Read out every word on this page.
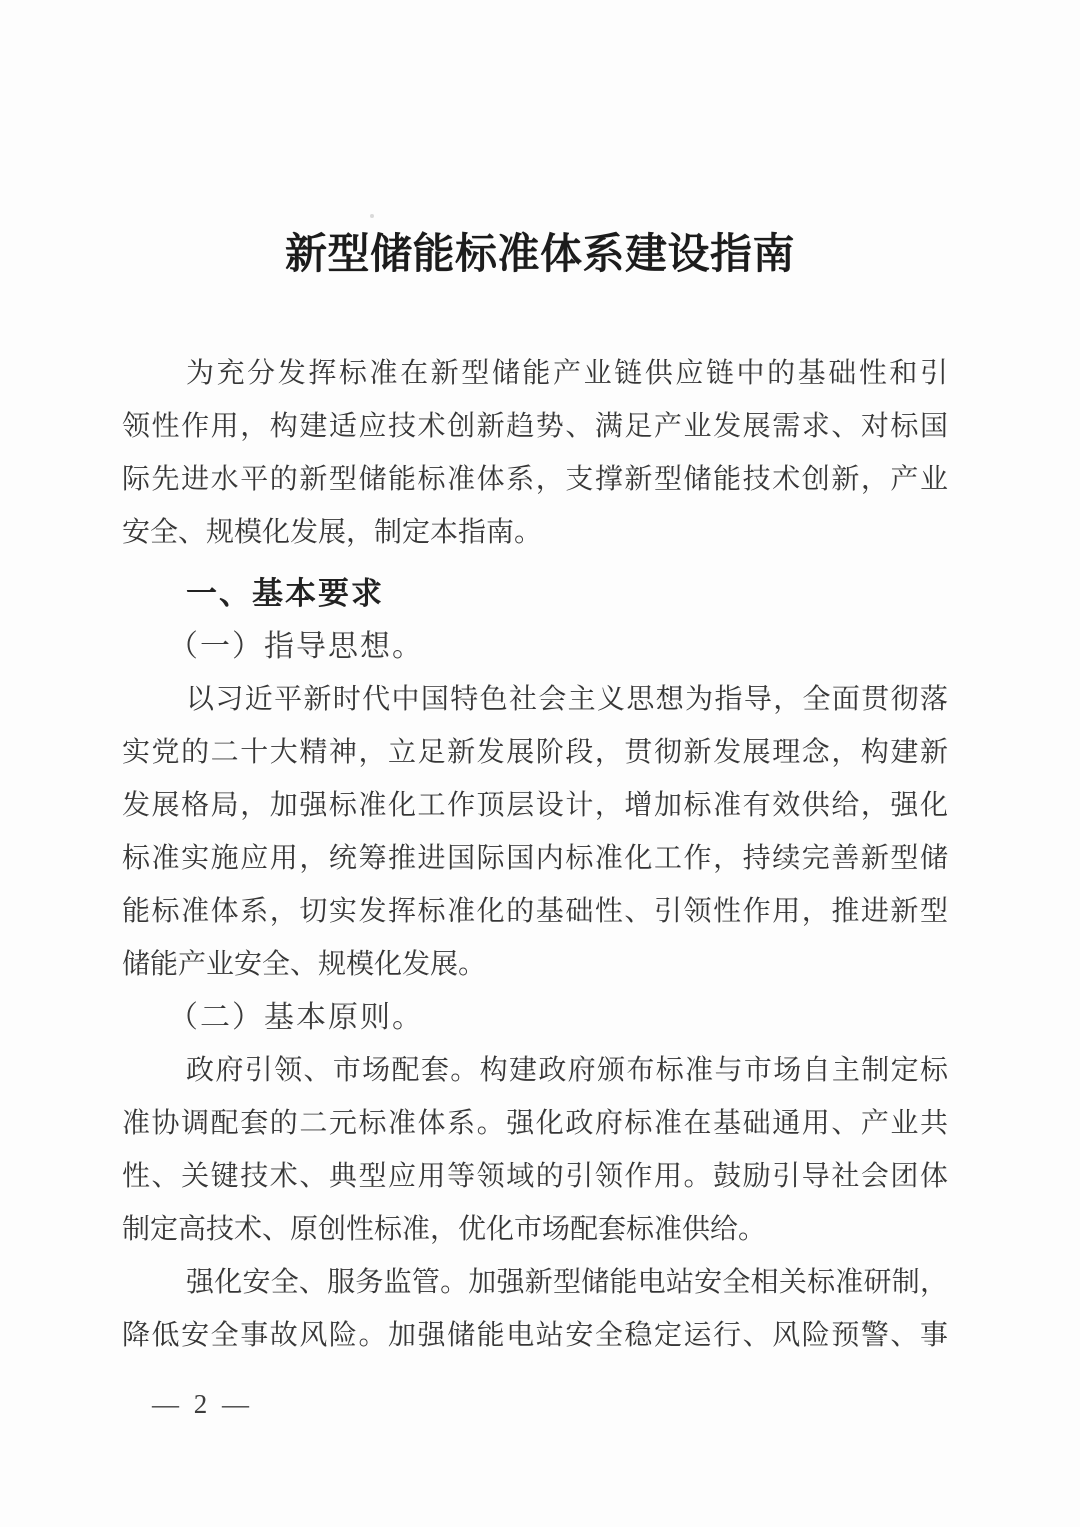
新型储能标准体系建设指南
为充分发挥标准在新型储能产业链供应链中的基础性和引
领性作用，构建适应技术创新趋势、满足产业发展需求、对标国
际先进水平的新型储能标准体系，支撑新型储能技术创新，产业
安全、规模化发展，制定本指南。
一、基本要求
（一）指导思想。
以习近平新时代中国特色社会主义思想为指导，全面贯彻落
实党的二十大精神，立足新发展阶段，贯彻新发展理念，构建新
发展格局，加强标准化工作顶层设计，增加标准有效供给，强化
标准实施应用，统筹推进国际国内标准化工作，持续完善新型储
能标准体系，切实发挥标准化的基础性、引领性作用，推进新型
储能产业安全、规模化发展。
（二）基本原则。
政府引领、市场配套。构建政府颁布标准与市场自主制定标
准协调配套的二元标准体系。强化政府标准在基础通用、产业共
性、关键技术、典型应用等领域的引领作用。鼓励引导社会团体
制定高技术、原创性标准，优化市场配套标准供给。
强化安全、服务监管。加强新型储能电站安全相关标准研制，
降低安全事故风险。加强储能电站安全稳定运行、风险预警、事
— 2 —
